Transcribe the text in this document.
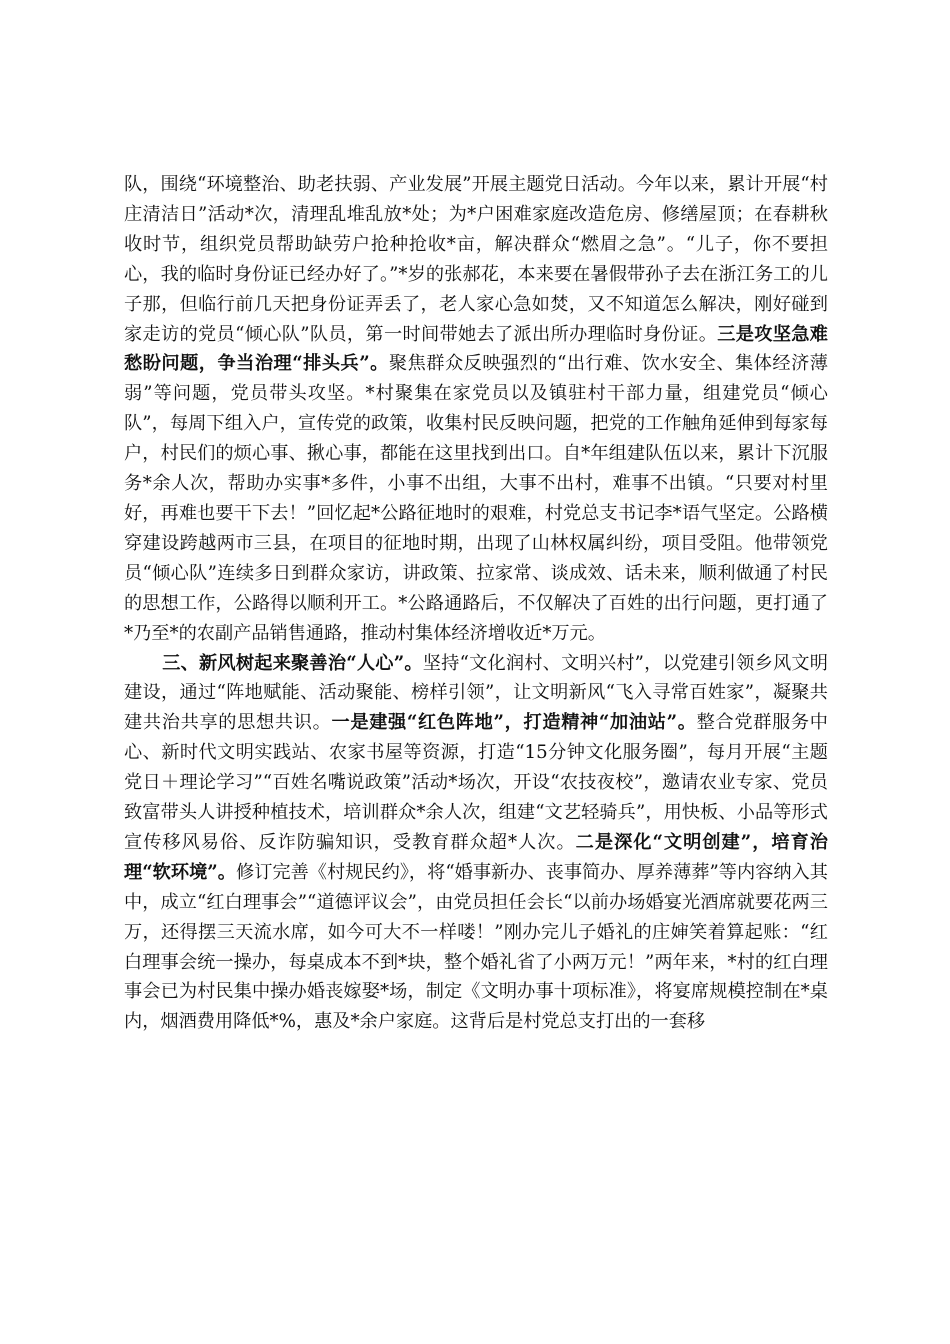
队，围绕“环境整治、助老扶弱、产业发展”开展主题党日活动。今年以来，累计开展“村庄清洁日”活动*次，清理乱堆乱放*处；为*户困难家庭改造危房、修缮屋顶；在春耕秋收时节，组织党员帮助缺劳户抢种抢收*亩，解决群众“燃眉之急”。“儿子，你不要担心，我的临时身份证已经办好了。”*岁的张郝花，本来要在暑假带孙子去在浙江务工的儿子那，但临行前几天把身份证弄丢了，老人家心急如焚，又不知道怎么解决，刚好碰到家走访的党员“倾心队”队员，第一时间带她去了派出所办理临时身份证。三是攻坚急难愁盼问题，争当治理“排头兵”。聚焦群众反映强烈的“出行难、饮水安全、集体经济薄弱”等问题，党员带头攻坚。*村聚集在家党员以及镇驻村干部力量，组建党员“倾心队”，每周下组入户，宣传党的政策，收集村民反映问题，把党的工作触角延伸到每家每户，村民们的烦心事、揪心事，都能在这里找到出口。自*年组建队伍以来，累计下沉服务*余人次，帮助办实事*多件，小事不出组，大事不出村，难事不出镇。“只要对村里好，再难也要干下去！”回忆起*公路征地时的艰难，村党总支书记李*语气坚定。公路横穿建设跨越两市三县，在项目的征地时期，出现了山林权属纠纷，项目受阻。他带领党员“倾心队”连续多日到群众家访，讲政策、拉家常、谈成效、话未来，顺利做通了村民的思想工作，公路得以顺利开工。*公路通路后，不仅解决了百姓的出行问题，更打通了*乃至*的农副产品销售通路，推动村集体经济增收近*万元。

三、新风树起来聚善治“人心”。坚持“文化润村、文明兴村”，以党建引领乡风文明建设，通过“阵地赋能、活动聚能、榜样引领”，让文明新风“飞入寻常百姓家”，凝聚共建共治共享的思想共识。一是建强“红色阵地”，打造精神“加油站”。整合党群服务中心、新时代文明实践站、农家书屋等资源，打造“15分钟文化服务圈”，每月开展“主题党日＋理论学习”“百姓名嘴说政策”活动*场次，开设“农技夜校”，邀请农业专家、党员致富带头人讲授种植技术，培训群众*余人次，组建“文艺轻骑兵”，用快板、小品等形式宣传移风易俗、反诈防骗知识，受教育群众超*人次。二是深化“文明创建”，培育治理“软环境”。修订完善《村规民约》，将“婚事新办、丧事简办、厚养薄葬”等内容纳入其中，成立“红白理事会”“道德评议会”，由党员担任会长“以前办场婚宴光酒席就要花两三万，还得摆三天流水席，如今可大不一样喽！”刚办完儿子婚礼的庄婶笑着算起账：“红白理事会统一操办，每桌成本不到*块，整个婚礼省了小两万元！”两年来，*村的红白理事会已为村民集中操办婚丧嫁娶*场，制定《文明办事十项标准》，将宴席规模控制在*桌内，烟酒费用降低*%，惠及*余户家庭。这背后是村党总支打出的一套移
